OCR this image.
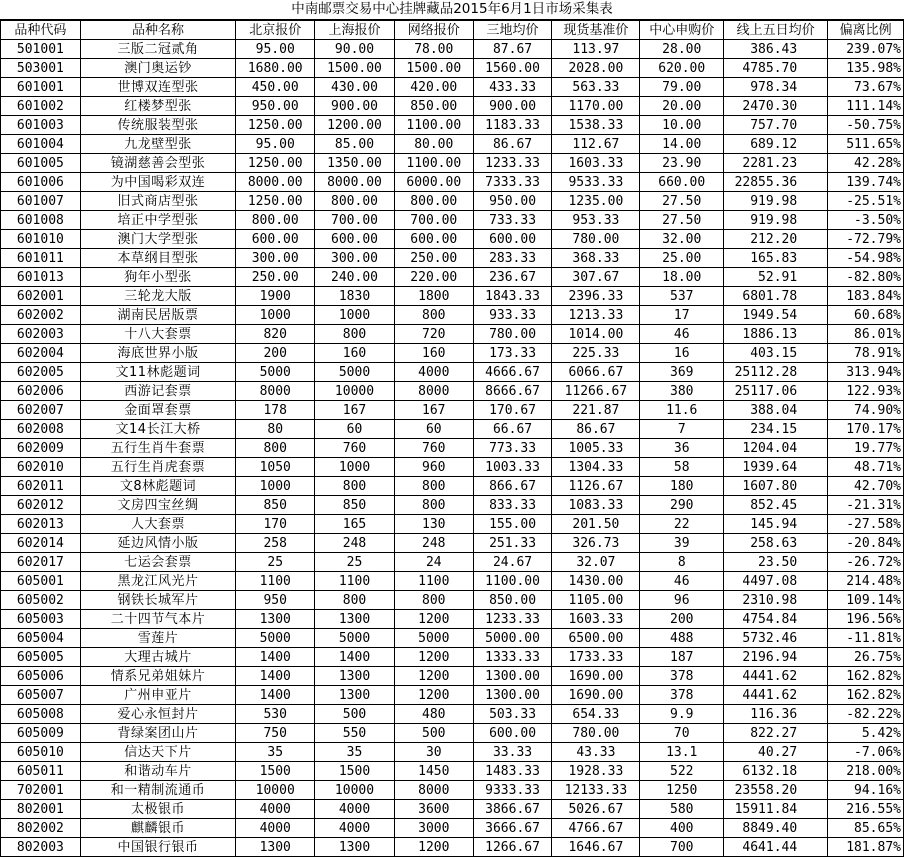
中南邮票交易中心挂牌藏品2015年6月1日市场采集表
品种代码	品种名称	北京报价	上海报价	网络报价	三地均价	现货基准价	中心申购价	线上五日均价	偏离比例
501001	三版二冠贰角	95.00	90.00	78.00	87.67	113.97	28.00	386.43	239.07%
503001	澳门奥运钞	1680.00	1500.00	1500.00	1560.00	2028.00	620.00	4785.70	135.98%
601001	世博双连型张	450.00	430.00	420.00	433.33	563.33	79.00	978.34	73.67%
601002	红楼梦型张	950.00	900.00	850.00	900.00	1170.00	20.00	2470.30	111.14%
601003	传统服装型张	1250.00	1200.00	1100.00	1183.33	1538.33	10.00	757.70	-50.75%
601004	九龙壁型张	95.00	85.00	80.00	86.67	112.67	14.00	689.12	511.65%
601005	镜湖慈善会型张	1250.00	1350.00	1100.00	1233.33	1603.33	23.90	2281.23	42.28%
601006	为中国喝彩双连	8000.00	8000.00	6000.00	7333.33	9533.33	660.00	22855.36	139.74%
601007	旧式商店型张	1250.00	800.00	800.00	950.00	1235.00	27.50	919.98	-25.51%
601008	培正中学型张	800.00	700.00	700.00	733.33	953.33	27.50	919.98	-3.50%
601010	澳门大学型张	600.00	600.00	600.00	600.00	780.00	32.00	212.20	-72.79%
601011	本草纲目型张	300.00	300.00	250.00	283.33	368.33	25.00	165.83	-54.98%
601013	狗年小型张	250.00	240.00	220.00	236.67	307.67	18.00	52.91	-82.80%
602001	三轮龙大版	1900	1830	1800	1843.33	2396.33	537	6801.78	183.84%
602002	湖南民居版票	1000	1000	800	933.33	1213.33	17	1949.54	60.68%
602003	十八大套票	820	800	720	780.00	1014.00	46	1886.13	86.01%
602004	海底世界小版	200	160	160	173.33	225.33	16	403.15	78.91%
602005	文11林彪题词	5000	5000	4000	4666.67	6066.67	369	25112.28	313.94%
602006	西游记套票	8000	10000	8000	8666.67	11266.67	380	25117.06	122.93%
602007	金面罩套票	178	167	167	170.67	221.87	11.6	388.04	74.90%
602008	文14长江大桥	80	60	60	66.67	86.67	7	234.15	170.17%
602009	五行生肖牛套票	800	760	760	773.33	1005.33	36	1204.04	19.77%
602010	五行生肖虎套票	1050	1000	960	1003.33	1304.33	58	1939.64	48.71%
602011	文8林彪题词	1000	800	800	866.67	1126.67	180	1607.80	42.70%
602012	文房四宝丝绸	850	850	800	833.33	1083.33	290	852.45	-21.31%
602013	人大套票	170	165	130	155.00	201.50	22	145.94	-27.58%
602014	延边风情小版	258	248	248	251.33	326.73	39	258.63	-20.84%
602017	七运会套票	25	25	24	24.67	32.07	8	23.50	-26.72%
605001	黑龙江风光片	1100	1100	1100	1100.00	1430.00	46	4497.08	214.48%
605002	钢铁长城军片	950	800	800	850.00	1105.00	96	2310.98	109.14%
605003	二十四节气本片	1300	1300	1200	1233.33	1603.33	200	4754.84	196.56%
605004	雪莲片	5000	5000	5000	5000.00	6500.00	488	5732.46	-11.81%
605005	大理古城片	1400	1400	1200	1333.33	1733.33	187	2196.94	26.75%
605006	情系兄弟姐妹片	1400	1300	1200	1300.00	1690.00	378	4441.62	162.82%
605007	广州申亚片	1400	1300	1200	1300.00	1690.00	378	4441.62	162.82%
605008	爱心永恒封片	530	500	480	503.33	654.33	9.9	116.36	-82.22%
605009	背绿案团山片	750	550	500	600.00	780.00	70	822.27	5.42%
605010	信达天下片	35	35	30	33.33	43.33	13.1	40.27	-7.06%
605011	和谐动车片	1500	1500	1450	1483.33	1928.33	522	6132.18	218.00%
702001	和一精制流通币	10000	10000	8000	9333.33	12133.33	1250	23558.20	94.16%
802001	太极银币	4000	4000	3600	3866.67	5026.67	580	15911.84	216.55%
802002	麒麟银币	4000	4000	3000	3666.67	4766.67	400	8849.40	85.65%
802003	中国银行银币	1300	1300	1200	1266.67	1646.67	700	4641.44	181.87%
